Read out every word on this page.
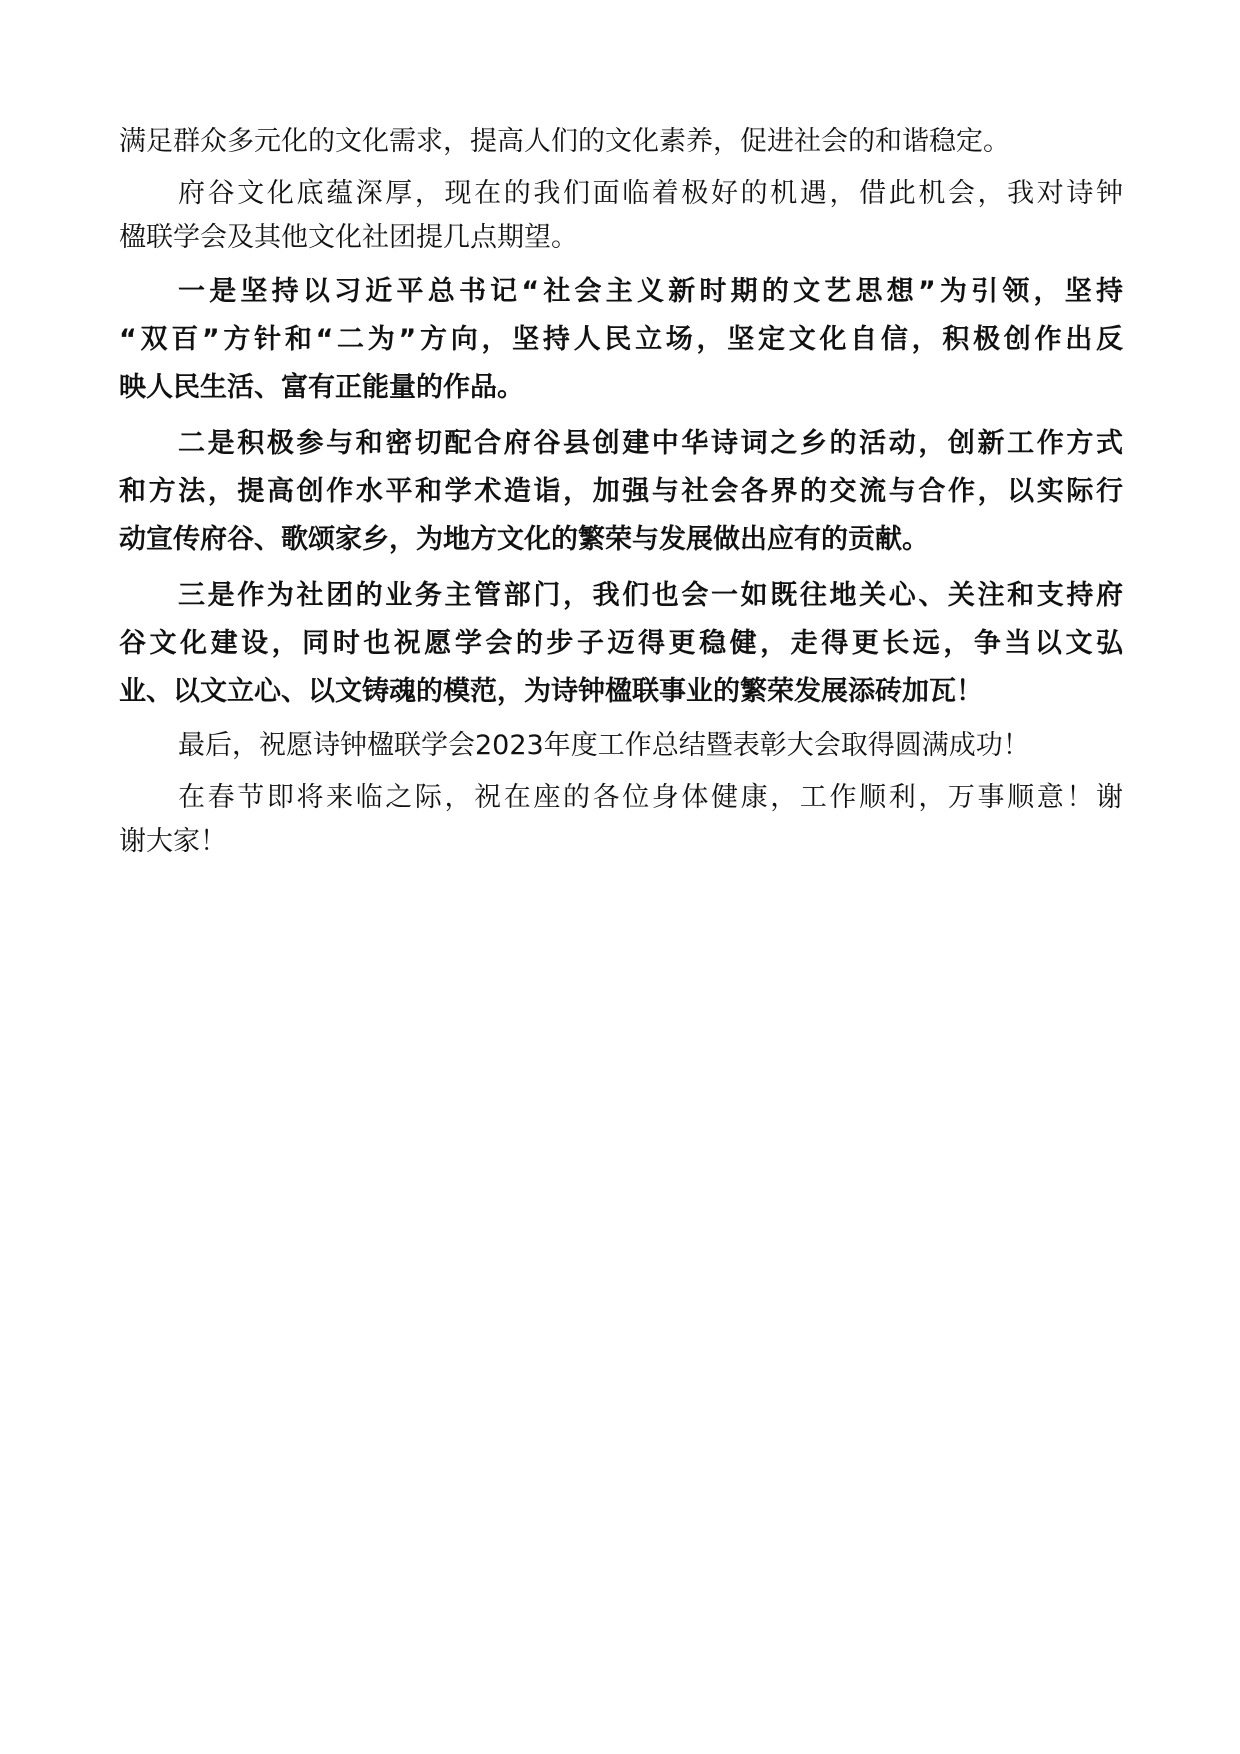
满足群众多元化的文化需求，提高人们的文化素养，促进社会的和谐稳定。
府谷文化底蕴深厚，现在的我们面临着极好的机遇，借此机会，我对诗钟
楹联学会及其他文化社团提几点期望。
一是坚持以习近平总书记“社会主义新时期的文艺思想”为引领，坚持
“双百”方针和“二为”方向，坚持人民立场，坚定文化自信，积极创作出反
映人民生活、富有正能量的作品。
二是积极参与和密切配合府谷县创建中华诗词之乡的活动，创新工作方式
和方法，提高创作水平和学术造诣，加强与社会各界的交流与合作，以实际行
动宣传府谷、歌颂家乡，为地方文化的繁荣与发展做出应有的贡献。
三是作为社团的业务主管部门，我们也会一如既往地关心、关注和支持府
谷文化建设，同时也祝愿学会的步子迈得更稳健，走得更长远，争当以文弘
业、以文立心、以文铸魂的模范，为诗钟楹联事业的繁荣发展添砖加瓦！
最后，祝愿诗钟楹联学会2023年度工作总结暨表彰大会取得圆满成功！
在春节即将来临之际，祝在座的各位身体健康，工作顺利，万事顺意！谢
谢大家！
